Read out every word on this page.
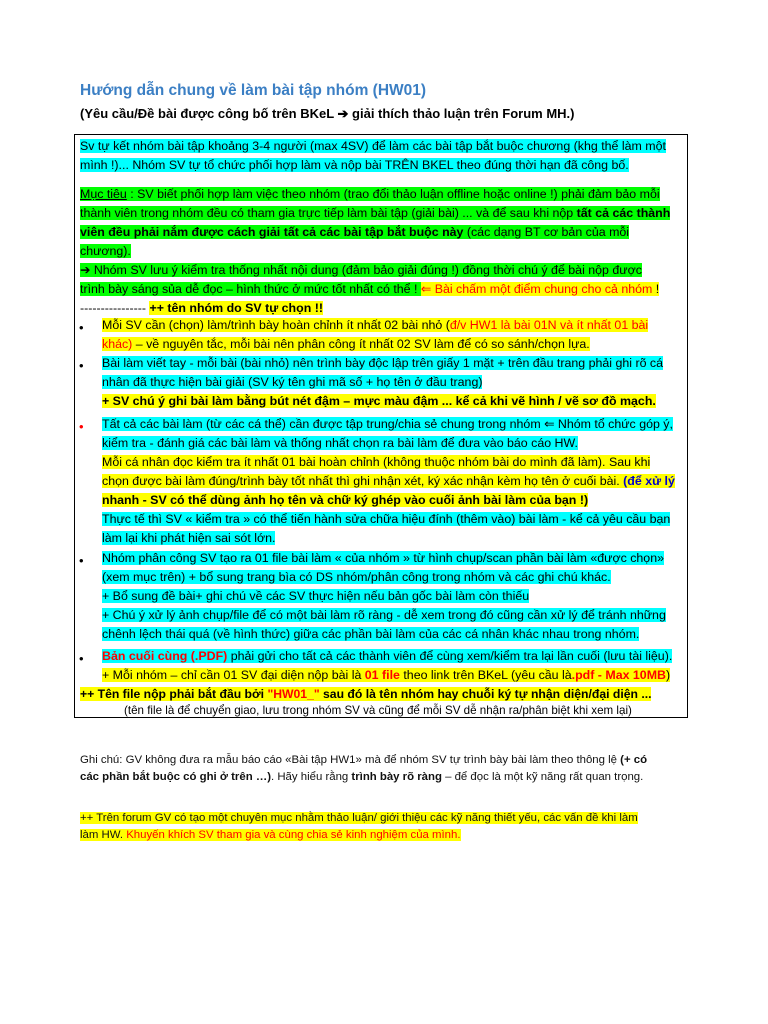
Hướng dẫn chung về làm bài tập nhóm (HW01)
(Yêu cầu/Đề bài được công bố trên BKeL ➔ giải thích thảo luận trên Forum MH.)
Sv tự kết nhóm bài tập khoảng 3-4 người (max 4SV) để làm các bài tập bắt buộc chương (khg thể làm một
mình !)... Nhóm SV tự tổ chức phối hợp làm và nộp bài TRÊN BKEL theo đúng thời hạn đã công bố.
Mục tiêu : SV biết phối hợp làm việc theo nhóm (trao đổi thảo luận offline hoặc online !) phải đảm bảo mỗi
thành viên trong nhóm đều có tham gia trực tiếp làm bài tập (giải bài) ... và để sau khi nộp tất cả các thành
viên đều phải nắm được cách giải tất cả các bài tập bắt buộc này (các dạng BT cơ bản của mỗi chương).
➔ Nhóm SV lưu ý kiểm tra thống nhất nội dung (đảm bảo giải đúng !) đồng thời chú ý để bài nộp được
trình bày sáng sủa dễ đọc – hình thức ở mức tốt nhất có thể ! ⇐ Bài chấm một điểm chung cho cả nhóm !
---------------- ++ tên nhóm do SV tự chọn !!
• Mỗi SV cần (chọn) làm/trình bày hoàn chỉnh ít nhất 02 bài nhỏ (đ/v HW1 là bài 01N và ít nhất 01 bài
khác) – về nguyên tắc, mỗi bài nên phân công ít nhất 02 SV làm để có so sánh/chọn lựa.
• Bài làm viết tay - mỗi bài (bài nhỏ) nên trình bày độc lập trên giấy 1 mặt + trên đầu trang phải ghi rõ cá
nhân đã thực hiện bài giải (SV ký tên ghi mã số + họ tên ở đầu trang)
+ SV chú ý ghi bài làm bằng bút nét đậm – mực màu đậm ... kể cả khi vẽ hình / vẽ sơ đồ mạch.
• Tất cả các bài làm (từ các cá thể) cần được tập trung/chia sẻ chung trong nhóm ⇐ Nhóm tổ chức góp ý,
kiểm tra - đánh giá các bài làm và thống nhất chọn ra bài làm để đưa vào báo cáo HW.
Mỗi cá nhân đọc kiểm tra ít nhất 01 bài hoàn chỉnh (không thuộc nhóm bài do mình đã làm). Sau khi
chọn được bài làm đúng/trình bày tốt nhất thì ghi nhận xét, ký xác nhận kèm họ tên ở cuối bài. (để xử lý
nhanh - SV có thể dùng ảnh họ tên và chữ ký ghép vào cuối ảnh bài làm của bạn !)
Thực tế thì SV « kiểm tra » có thể tiến hành sửa chữa hiệu đính (thêm vào) bài làm - kể cả yêu cầu bạn
làm lại khi phát hiện sai sót lớn.
• Nhóm phân công SV tạo ra 01 file bài làm « của nhóm » từ hình chụp/scan phần bài làm «được chọn»
(xem mục trên) + bổ sung trang bìa có DS nhóm/phân công trong nhóm và các ghi chú khác.
+ Bổ sung đề bài+ ghi chú về các SV thực hiện nếu bản gốc bài làm còn thiếu
+ Chú ý xử lý ảnh chụp/file để có một bài làm rõ ràng - dễ xem trong đó cũng cần xử lý để tránh những
chênh lệch thái quá (về hình thức) giữa các phần bài làm của các cá nhân khác nhau trong nhóm.
• Bản cuối cùng (.PDF) phải gửi cho tất cả các thành viên để cùng xem/kiểm tra lại lần cuối (lưu tài liệu).
+ Mỗi nhóm – chỉ cần 01 SV đại diện nộp bài là 01 file theo link trên BKeL (yêu cầu là.pdf - Max 10MB)
++ Tên file nộp phải bắt đầu bởi "HW01_" sau đó là tên nhóm hay chuỗi ký tự nhận diện/đại diện ...
(tên file là để chuyển giao, lưu trong nhóm SV và cũng để mỗi SV dễ nhận ra/phân biệt khi xem lại)
Ghi chú: GV không đưa ra mẫu báo cáo «Bài tập HW1» mà để nhóm SV tự trình bày bài làm theo thông lệ (+ có
các phần bắt buộc có ghi ở trên …). Hãy hiểu rằng trình bày rõ ràng – để đọc là một kỹ năng rất quan trọng.
++ Trên forum GV có tạo một chuyên mục nhằm thảo luận/ giới thiệu các kỹ năng thiết yếu, các vấn đề khi làm
làm HW. Khuyến khích SV tham gia và cùng chia sẻ kinh nghiệm của mình.
